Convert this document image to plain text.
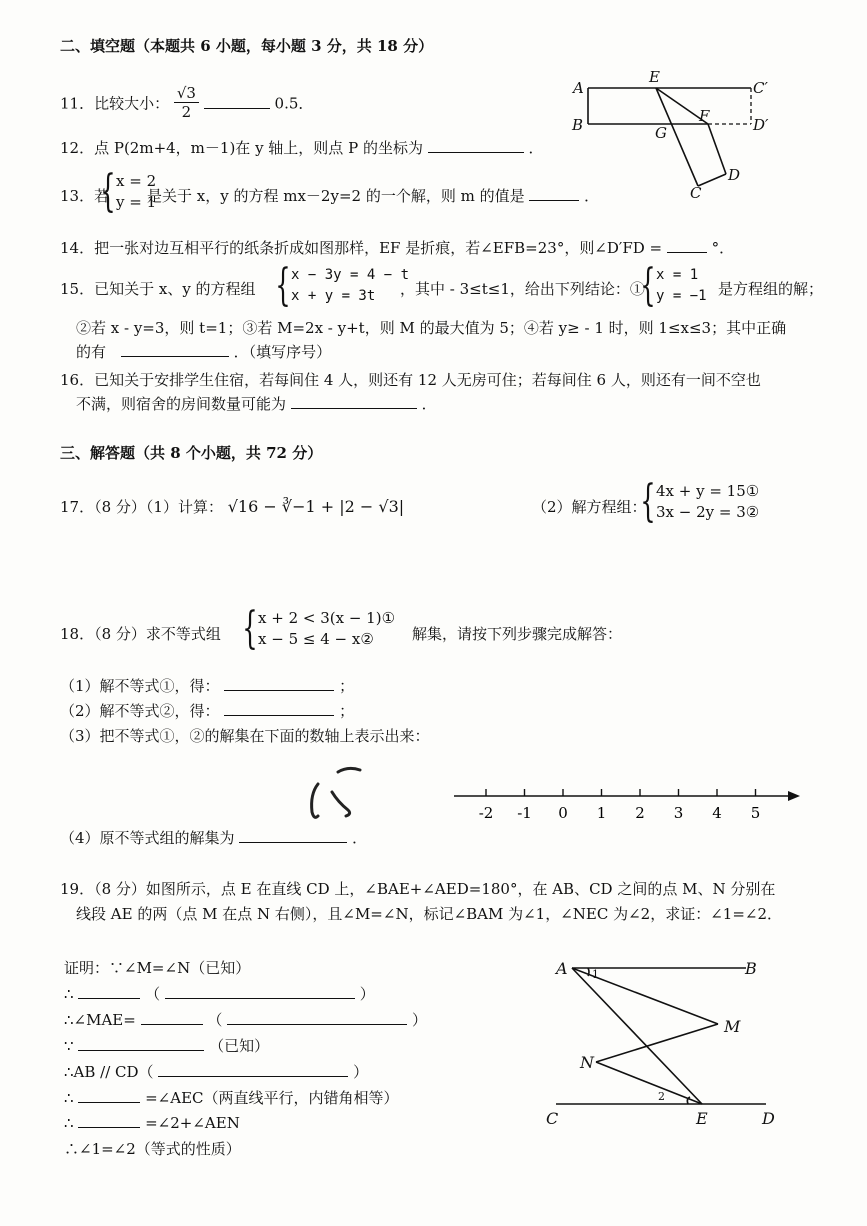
二、填空题（本题共 6 小题，每小题 3 分，共 18 分）
11．比较大小： $\frac{√3}{2}$	0.5．
12．点 P(2m+4，m－1)在 y 轴上，则点 P 的坐标为	．
13．若
{ x = 2
y = 1
是关于 x，y 的方程 mx－2y=2 的一个解，则 m 的值是	．
14．把一张对边互相平行的纸条折成如图那样，EF 是折痕，若∠EFB=23°，则∠D′FD =	°．
15．已知关于 x、y 的方程组 { x − 3y = 4 − t
x + y = 3t	，其中 - 3≤t≤1，给出下列结论：①
{ x = 1
y = −1 是方程组的解；
②若 x - y=3，则 t=1；③若 M=2x - y+t，则 M 的最大值为 5；④若 y≥ - 1 时，则 1≤x≤3；其中正确
的有	．（填写序号）
16．已知关于安排学生住宿，若每间住 4 人，则还有 12 人无房可住；若每间住 6 人，则还有一间不空也
不满，则宿舍的房间数量可能为	．
A
B
E
F
G
C
D
C′
D′
三、解答题（共 8 个小题，共 72 分）
17．（8 分）（1）计算： √16 − ∛−1 + |2 − √3|	（2）解方程组：
{ 4x + y = 15①
3x − 2y = 3②
18．（8 分）求不等式组 { x + 2 < 3(x − 1)①
x − 5 ≤ 4 − x②	解集，请按下列步骤完成解答：
（1）解不等式①，得：	；
（2）解不等式②，得：	；
（3）把不等式①，②的解集在下面的数轴上表示出来：
-2 -1 0 1 2 3 4 5
（4）原不等式组的解集为	．
19．（8 分）如图所示，点 E 在直线 CD 上，∠BAE+∠AED=180°，在 AB、CD 之间的点 M、N 分别在
线段 AE 的两（点 M 在点 N 右侧），且∠M=∠N，标记∠BAM 为∠1，∠NEC 为∠2，求证：∠1=∠2．
证明：∵∠M=∠N（已知）
∴	（	）
∴∠MAE=	（	）
∵	（已知）
∴AB // CD（	）
∴	=∠AEC（两直线平行，内错角相等）
∴	=∠2+∠AEN
∴∠1=∠2（等式的性质）
A	B
M
N
C	E	D
1
2
